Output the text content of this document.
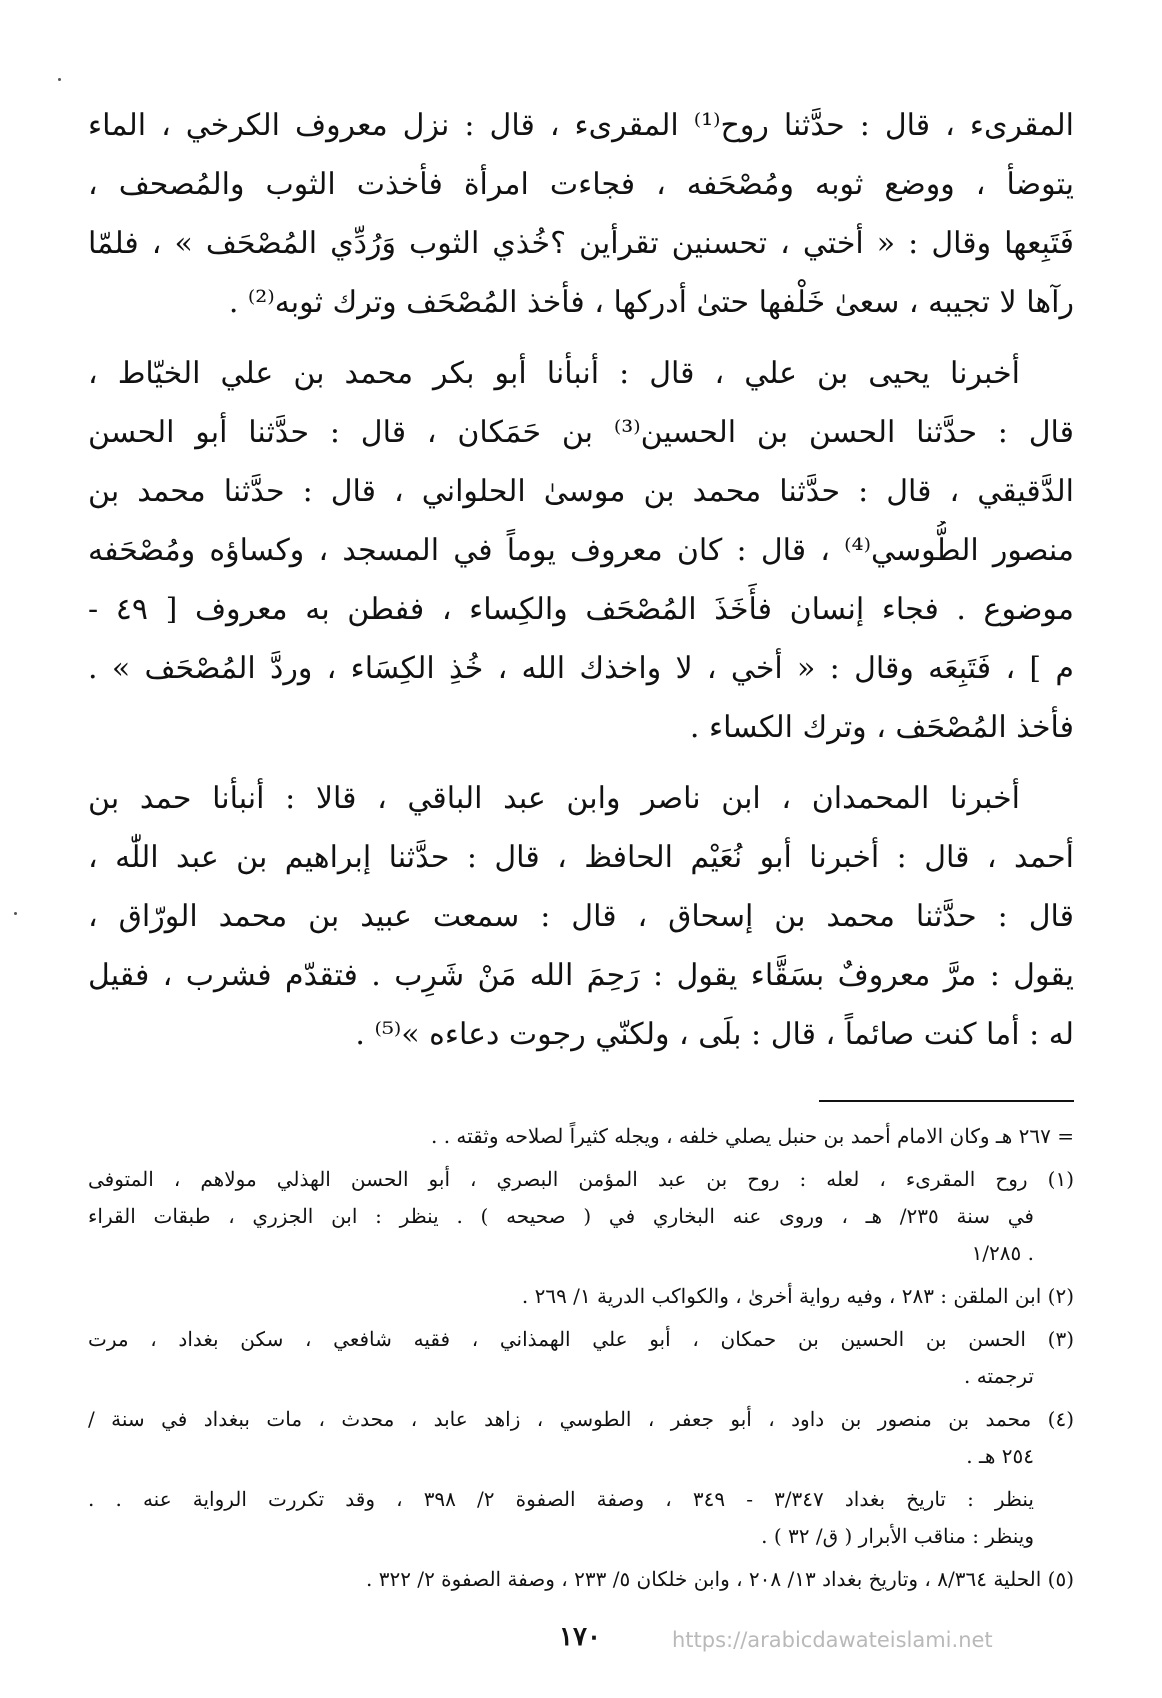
المقرىء ، قال : حدَّثنا روح⁽¹⁾ المقرىء ، قال : نزل معروف الكرخي ، الماء
يتوضأ ، ووضع ثوبه ومُصْحَفه ، فجاءت امرأة فأخذت الثوب والمُصحف ،
فَتَبِعها وقال : « أختي ، تحسنين تقرأين ؟خُذي الثوب وَرُدِّي المُصْحَف » ، فلمّا
رآها لا تجيبه ، سعىٰ خَلْفها حتىٰ أدركها ، فأخذ المُصْحَف وترك ثوبه⁽²⁾ .

أخبرنا يحيى بن علي ، قال : أنبأنا أبو بكر محمد بن علي الخيّاط ،
قال : حدَّثنا الحسن بن الحسين⁽³⁾ بن حَمَكان ، قال : حدَّثنا أبو الحسن
الدَّقيقي ، قال : حدَّثنا محمد بن موسىٰ الحلواني ، قال : حدَّثنا محمد بن
منصور الطُّوسي⁽⁴⁾ ، قال : كان معروف يوماً في المسجد ، وكساؤه ومُصْحَفه
موضوع . فجاء إنسان فأَخَذَ المُصْحَف والكِساء ، ففطن به معروف [ ٤٩ -
م ] ، فَتَبِعَه وقال : « أخي ، لا واخذك الله ، خُذِ الكِسَاء ، وردَّ المُصْحَف » .
فأخذ المُصْحَف ، وترك الكساء .

أخبرنا المحمدان ، ابن ناصر وابن عبد الباقي ، قالا : أنبأنا حمد بن
أحمد ، قال : أخبرنا أبو نُعَيْم الحافظ ، قال : حدَّثنا إبراهيم بن عبد اللّٰه ،
قال : حدَّثنا محمد بن إسحاق ، قال : سمعت عبيد بن محمد الورّاق ،
يقول : مرَّ معروفٌ بسَقَّاء يقول : رَحِمَ الله مَنْ شَرِب . فتقدّم فشرب ، فقيل
له : أما كنت صائماً ، قال : بلَى ، ولكنّي رجوت دعاءه »⁽⁵⁾ .

= ٢٦٧ هـ وكان الامام أحمد بن حنبل يصلي خلفه ، ويجله كثيراً لصلاحه وثقته . .
(١) روح المقرىء ، لعله : روح بن عبد المؤمن البصري ، أبو الحسن الهذلي مولاهم ، المتوفى
في سنة ٢٣٥/ هـ ، وروى عنه البخاري في ( صحيحه ) . ينظر : ابن الجزري ، طبقات القراء
. ١/٢٨٥
(٢) ابن الملقن : ٢٨٣ ، وفيه رواية أخرىٰ ، والكواكب الدرية ١/ ٢٦٩ .
(٣) الحسن بن الحسين بن حمكان ، أبو علي الهمذاني ، فقيه شافعي ، سكن بغداد ، مرت
ترجمته .
(٤) محمد بن منصور بن داود ، أبو جعفر ، الطوسي ، زاهد عابد ، محدث ، مات ببغداد في سنة /
٢٥٤ هـ .
ينظر : تاريخ بغداد ٣/٣٤٧ - ٣٤٩ ، وصفة الصفوة ٢/ ٣٩٨ ، وقد تكررت الرواية عنه . .
وينظر : مناقب الأبرار ( ق/ ٣٢ ) .
(٥) الحلية ٨/٣٦٤ ، وتاريخ بغداد ١٣/ ٢٠٨ ، وابن خلكان ٥/ ٢٣٣ ، وصفة الصفوة ٢/ ٣٢٢ .
١٧٠	https://arabicdawateislami.net
